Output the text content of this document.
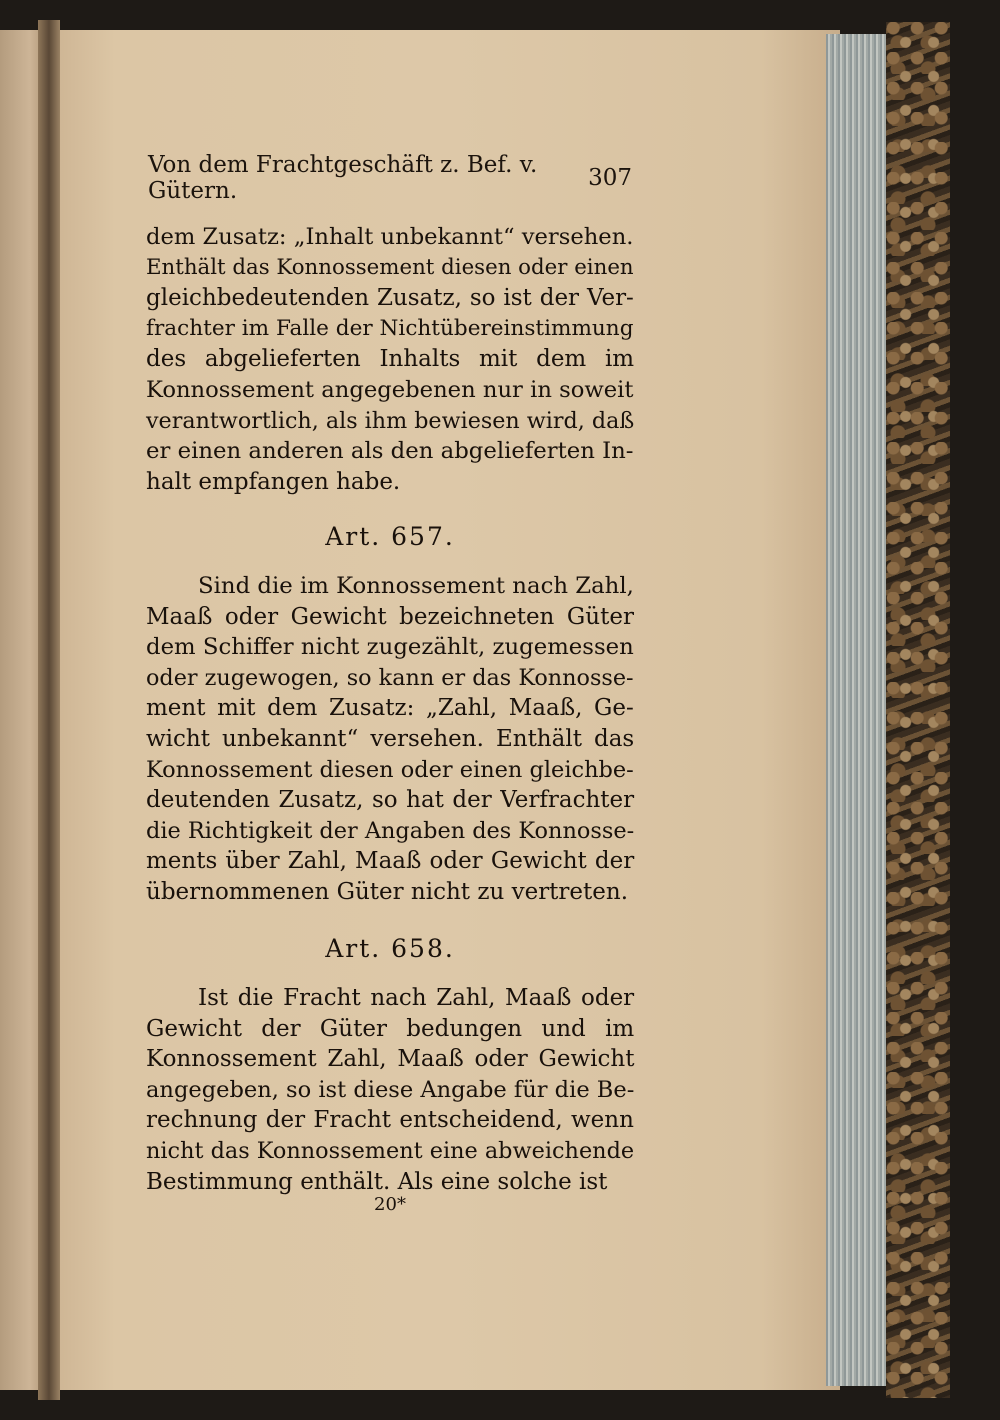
Von dem Frachtgeschäft z. Bef. v. Gütern.	307

dem Zusatz: „Inhalt unbekannt“ versehen.

Enthält das Konnossement diesen oder einen

gleichbedeutenden Zusatz, so ist der Ver-

frachter im Falle der Nichtübereinstimmung

des abgelieferten Inhalts mit dem im

Konnossement angegebenen nur in soweit

verantwortlich, als ihm bewiesen wird, daß

er einen anderen als den abgelieferten In-

halt empfangen habe.

Art. 657.

Sind die im Konnossement nach Zahl,

Maaß oder Gewicht bezeichneten Güter

dem Schiffer nicht zugezählt, zugemessen

oder zugewogen, so kann er das Konnosse-

ment mit dem Zusatz: „Zahl, Maaß, Ge-

wicht unbekannt“ versehen. Enthält das

Konnossement diesen oder einen gleichbe-

deutenden Zusatz, so hat der Verfrachter

die Richtigkeit der Angaben des Konnosse-

ments über Zahl, Maaß oder Gewicht der

übernommenen Güter nicht zu vertreten.

Art. 658.

Ist die Fracht nach Zahl, Maaß oder

Gewicht der Güter bedungen und im

Konnossement Zahl, Maaß oder Gewicht

angegeben, so ist diese Angabe für die Be-

rechnung der Fracht entscheidend, wenn

nicht das Konnossement eine abweichende

Bestimmung enthält. Als eine solche ist

20*
